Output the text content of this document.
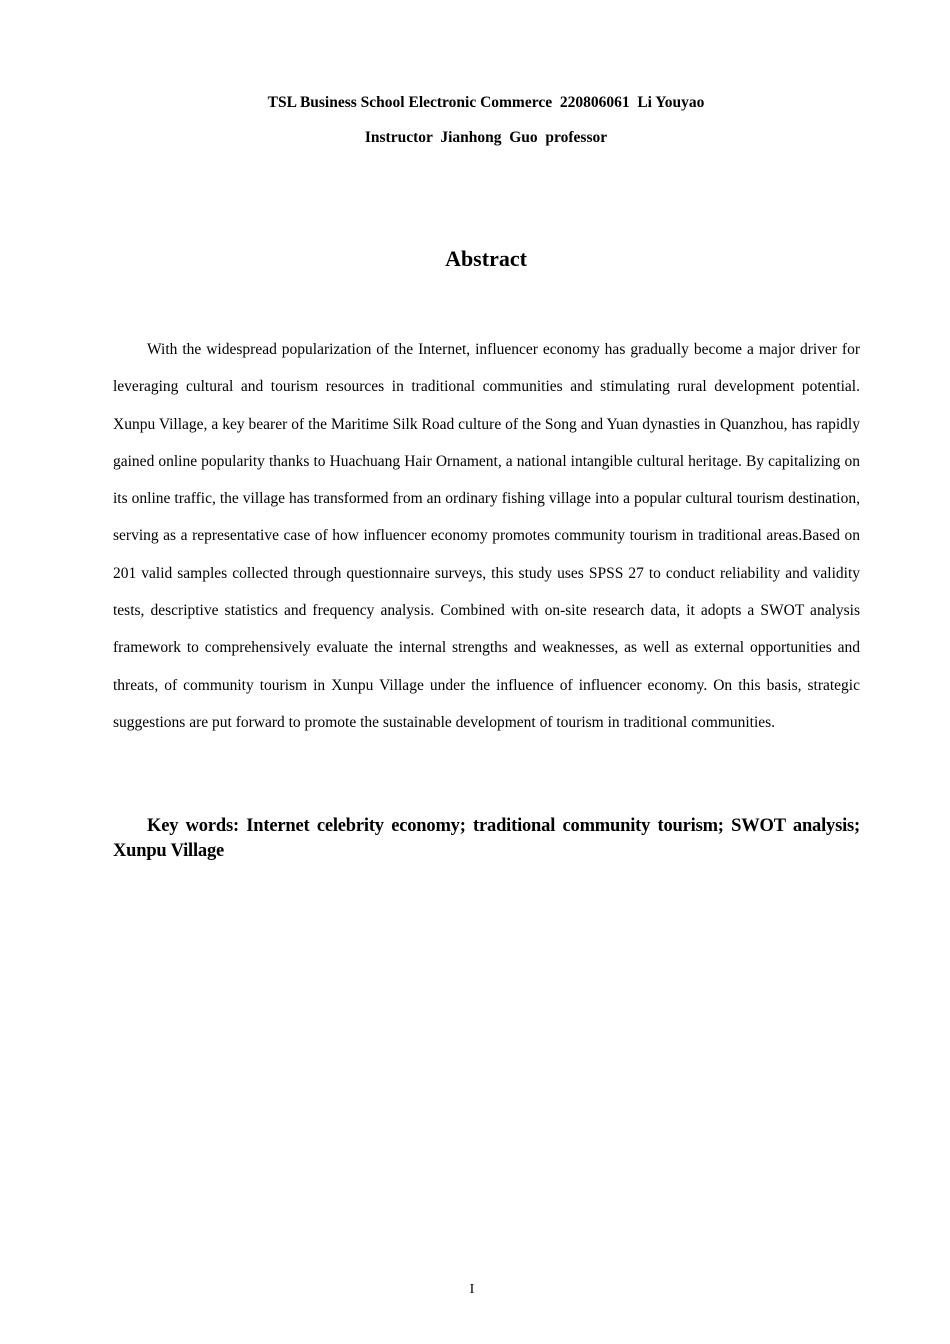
TSL Business School Electronic Commerce  220806061  Li Youyao
Instructor  Jianhong  Guo  professor
Abstract

With the widespread popularization of the Internet, influencer economy has gradually become a major driver for leveraging cultural and tourism resources in traditional communities and stimulating rural development potential. Xunpu Village, a key bearer of the Maritime Silk Road culture of the Song and Yuan dynasties in Quanzhou, has rapidly gained online popularity thanks to Huachuang Hair Ornament, a national intangible cultural heritage. By capitalizing on its online traffic, the village has transformed from an ordinary fishing village into a popular cultural tourism destination, serving as a representative case of how influencer economy promotes community tourism in traditional areas.Based on 201 valid samples collected through questionnaire surveys, this study uses SPSS 27 to conduct reliability and validity tests, descriptive statistics and frequency analysis. Combined with on-site research data, it adopts a SWOT analysis framework to comprehensively evaluate the internal strengths and weaknesses, as well as external opportunities and threats, of community tourism in Xunpu Village under the influence of influencer economy. On this basis, strategic suggestions are put forward to promote the sustainable development of tourism in traditional communities.

Key words: Internet celebrity economy; traditional community tourism; SWOT analysis; Xunpu Village

I
